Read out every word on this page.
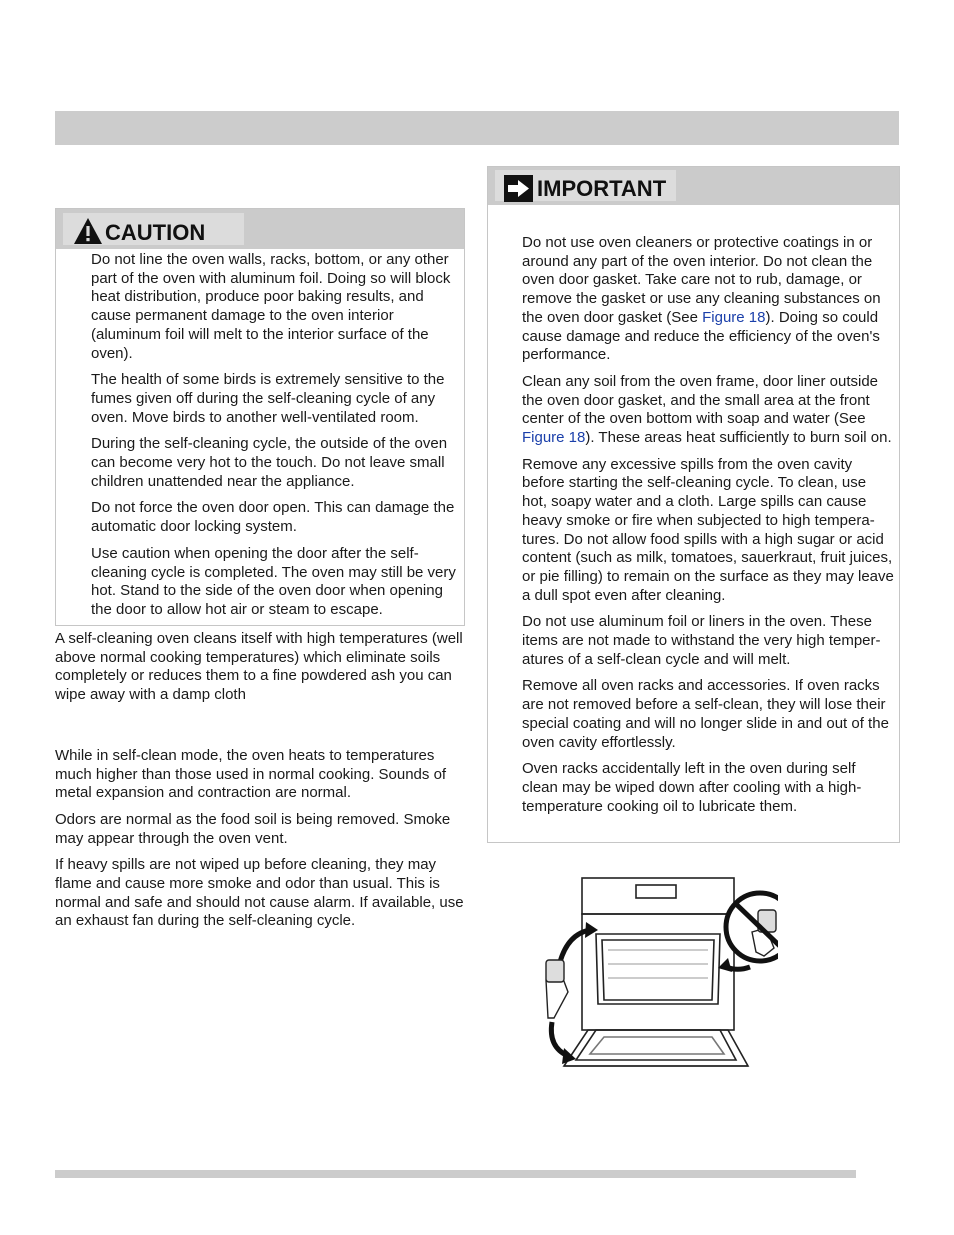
CAUTION

Do not line the oven walls, racks, bottom, or any other part of the oven with aluminum foil. Doing so will block heat distribution, produce poor baking results, and cause permanent damage to the oven interior (aluminum foil will melt to the interior surface of the oven).

The health of some birds is extremely sensitive to the fumes given off during the self-cleaning cycle of any oven. Move birds to another well-ventilated room.

During the self-cleaning cycle, the outside of the oven can become very hot to the touch. Do not leave small children unattended near the appliance.

Do not force the oven door open. This can damage the automatic door locking system.

Use caution when opening the door after the self-cleaning cycle is completed. The oven may still be very hot. Stand to the side of the oven door when opening the door to allow hot air or steam to escape.

A self-cleaning oven cleans itself with high temperatures (well above normal cooking temperatures) which eliminate soils completely or reduces them to a fine powdered ash you can wipe away with a damp cloth

While in self-clean mode, the oven heats to temperatures much higher than those used in normal cooking. Sounds of metal expansion and contraction are normal.

Odors are normal as the food soil is being removed. Smoke may appear through the oven vent.

If heavy spills are not wiped up before cleaning, they may flame and cause more smoke and odor than usual. This is normal and safe and should not cause alarm. If available, use an exhaust fan during the self-cleaning cycle.

IMPORTANT

Do not use oven cleaners or protective coatings in or around any part of the oven interior. Do not clean the oven door gasket. Take care not to rub, damage, or remove the gasket or use any cleaning substances on the oven door gasket (See Figure 18). Doing so could cause damage and reduce the efficiency of the oven's performance.

Clean any soil from the oven frame, door liner outside the oven door gasket, and the small area at the front center of the oven bottom with soap and water (See Figure 18). These areas heat sufficiently to burn soil on.

Remove any excessive spills from the oven cavity before starting the self-cleaning cycle. To clean, use hot, soapy water and a cloth. Large spills can cause heavy smoke or fire when subjected to high tempera-tures. Do not allow food spills with a high sugar or acid content (such as milk, tomatoes, sauerkraut, fruit juices, or pie filling) to remain on the surface as they may leave a dull spot even after cleaning.

Do not use aluminum foil or liners in the oven. These items are not made to withstand the very high temper-atures of a self-clean cycle and will melt.

Remove all oven racks and accessories. If oven racks are not removed before a self-clean, they will lose their special coating and will no longer slide in and out of the oven cavity effortlessly.

Oven racks accidentally left in the oven during self clean may be wiped down after cooling with a high-temperature cooking oil to lubricate them.
